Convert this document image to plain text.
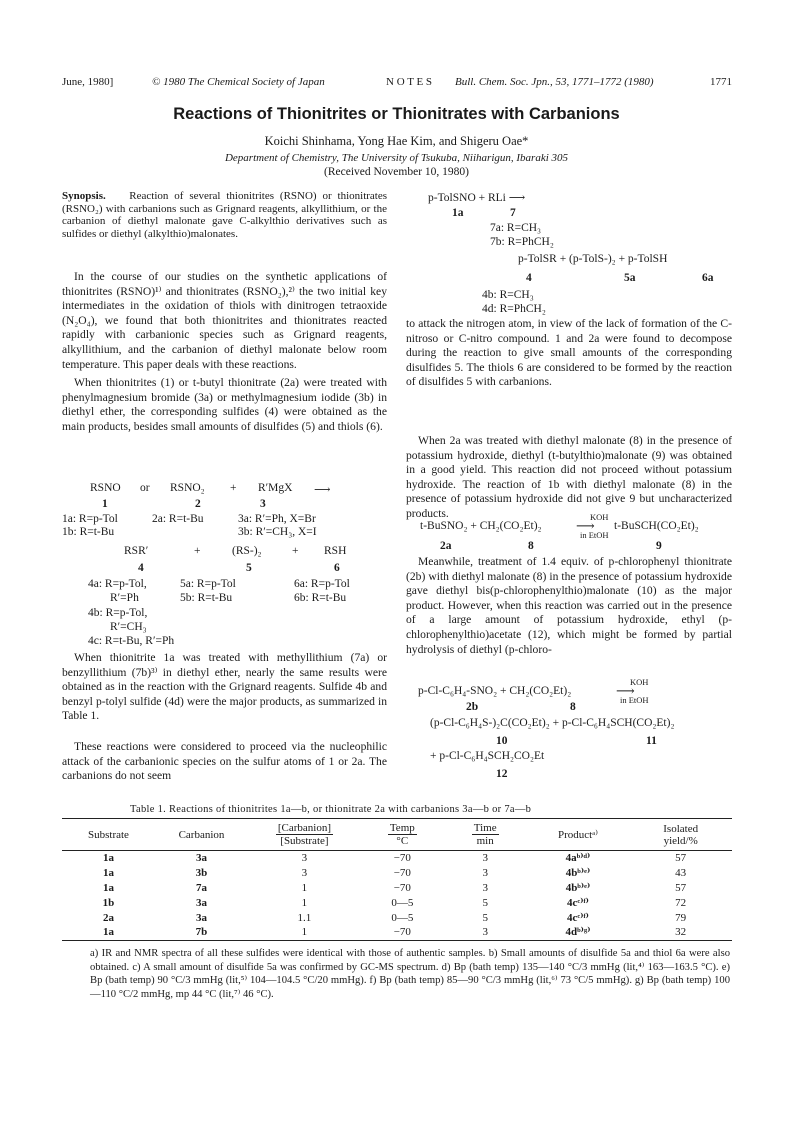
June, 1980]	© 1980 The Chemical Society of Japan	N O T E S Bull. Chem. Soc. Jpn., 53, 1771–1772 (1980)	1771
Reactions of Thionitrites or Thionitrates with Carbanions
Koichi Shinhama, Yong Hae Kim, and Shigeru Oae*
Department of Chemistry, The University of Tsukuba, Niiharigun, Ibaraki 305
(Received November 10, 1980)
Synopsis. Reaction of several thionitrites (RSNO) or thionitrates (RSNO₂) with carbanions such as Grignard reagents, alkyllithium, or the carbanion of diethyl malonate gave C-alkylthio derivatives such as sulfides or diethyl (alkylthio)malonates.

In the course of our studies on the synthetic applications of thionitrites (RSNO)¹⁾ and thionitrates (RSNO₂),²⁾ the two initial key intermediates in the oxidation of thiols with dinitrogen tetraoxide (N₂O₄), we found that both thionitrites and thionitrates reacted rapidly with carbanionic species such as Grignard reagents, alkyllithium, and the carbanion of diethyl malonate below room temperature. This paper deals with these reactions.

When thionitrites (1) or t-butyl thionitrate (2a) were treated with phenylmagnesium bromide (3a) or methylmagnesium iodide (3b) in diethyl ether, the corresponding sulfides (4) were obtained as the main products, besides small amounts of disulfides (5) and thiols (6).

RSNO or RSNO₂ + R′MgX ⟶
1	2	3
1a: R=p-Tol	2a: R=t-Bu	3a: R′=Ph, X=Br
1b: R=t-Bu	3b: R′=CH₃, X=I
RSR′	+	(RS-)₂	+ RSH
4	5	6
4a: R=p-Tol,	5a: R=p-Tol	6a: R=p-Tol
R′=Ph	5b: R=t-Bu	6b: R=t-Bu
4b: R=p-Tol,
R′=CH₃
4c: R=t-Bu, R′=Ph

When thionitrite 1a was treated with methyllithium (7a) or benzyllithium (7b)³⁾ in diethyl ether, nearly the same results were obtained as in the reaction with the Grignard reagents. Sulfide 4b and benzyl p-tolyl sulfide (4d) were the major products, as summarized in Table 1.

These reactions were considered to proceed via the nucleophilic attack of the carbanionic species on the sulfur atoms of 1 or 2a. The carbanions do not seem

p-TolSNO + RLi ⟶
1a	7
7a: R=CH₃
7b: R=PhCH₂
p-TolSR + (p-TolS-)₂ + p-TolSH
4	5a	6a
4b: R=CH₃
4d: R=PhCH₂

to attack the nitrogen atom, in view of the lack of formation of the C-nitroso or C-nitro compound. 1 and 2a were found to decompose during the reaction to give small amounts of the corresponding disulfides 5. The thiols 6 are considered to be formed by the reaction of disulfides 5 with carbanions.

When 2a was treated with diethyl malonate (8) in the presence of potassium hydroxide, diethyl (t-butylthio)malonate (9) was obtained in a good yield. This reaction did not proceed without potassium hydroxide. The reaction of 1b with diethyl malonate (8) in the presence of potassium hydroxide did not give 9 but uncharacterized products.

t-BuSNO₂ + CH₂(CO₂Et)₂
KOH
⟶
in EtOH
t-BuSCH(CO₂Et)₂
2a	8	9

Meanwhile, treatment of 1.4 equiv. of p-chlorophenyl thionitrate (2b) with diethyl malonate (8) in the presence of potassium hydroxide gave diethyl bis(p-chlorophenylthio)malonate (10) as the major product. However, when this reaction was carried out in the presence of a large amount of potassium hydroxide, ethyl (p-chlorophenylthio)acetate (12), which might be formed by partial hydrolysis of diethyl (p-chloro-

p-Cl-C₆H₄-SNO₂ + CH₂(CO₂Et)₂
KOH
⟶
in EtOH
2b	8
(p-Cl-C₆H₄S-)₂C(CO₂Et)₂ + p-Cl-C₆H₄SCH(CO₂Et)₂
10	11
+ p-Cl-C₆H₄SCH₂CO₂Et
12
Table 1. Reactions of thionitrites 1a—b, or thionitrate 2a with carbanions 3a—b or 7a—b
Substrate	Carbanion	$\frac{\text{[Carbanion]}}{\text{[Substrate]}}$	$\frac{\text{Temp}}{^\circ C}$	$\frac{\text{Time}}{\min}$	Productᵃ⁾	Isolated
yield/%

1a	3a	3	−70	3	4aᵇ⁾ᵈ⁾	57
1a	3b	3	−70	3	4bᵇ⁾ᵉ⁾	43
1a	7a	1	−70	3	4bᵇ⁾ᵉ⁾	57
1b	3a	1	0—5	5	4cᶜ⁾ᶠ⁾	72
2a	3a	1.1	0—5	5	4cᶜ⁾ᶠ⁾	79
1a	7b	1	−70	3	4dᵇ⁾ᵍ⁾	32
a) IR and NMR spectra of all these sulfides were identical with those of authentic samples. b) Small amounts of disulfide 5a and thiol 6a were also obtained. c) A small amount of disulfide 5a was confirmed by GC-MS spectrum. d) Bp (bath temp) 135—140 °C/3 mmHg (lit,⁴⁾ 163—163.5 °C). e) Bp (bath temp) 90 °C/3 mmHg (lit,⁵⁾ 104—104.5 °C/20 mmHg). f) Bp (bath temp) 85—90 °C/3 mmHg (lit,⁶⁾ 73 °C/5 mmHg). g) Bp (bath temp) 100—110 °C/2 mmHg, mp 44 °C (lit,⁷⁾ 46 °C).
